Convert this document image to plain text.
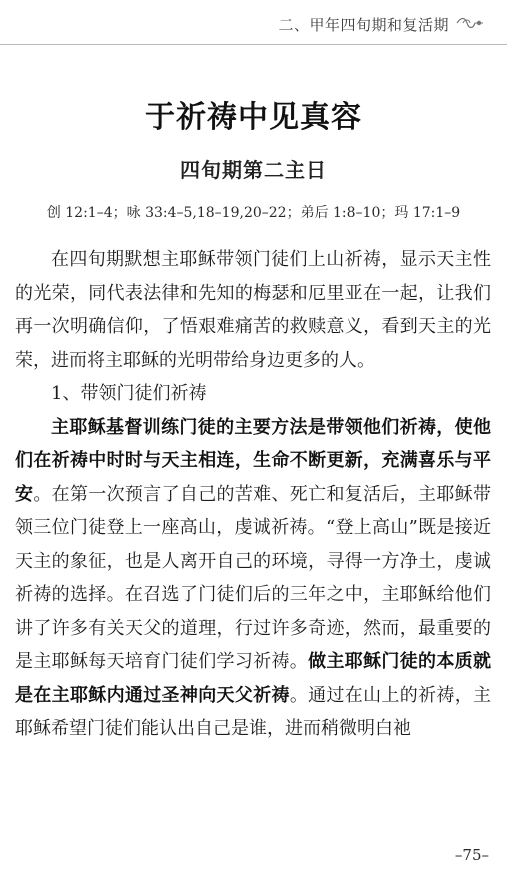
二、甲年四旬期和复活期
于祈祷中见真容
四旬期第二主日
创 12:1–4；咏 33:4–5,18–19,20–22；弟后 1:8–10；玛 17:1–9

在四旬期默想主耶稣带领门徒们上山祈祷，显示天主性的光荣，同代表法律和先知的梅瑟和厄里亚在一起，让我们再一次明确信仰，了悟艰难痛苦的救赎意义，看到天主的光荣，进而将主耶稣的光明带给身边更多的人。

1、带领门徒们祈祷

主耶稣基督训练门徒的主要方法是带领他们祈祷，使他们在祈祷中时时与天主相连，生命不断更新，充满喜乐与平安。在第一次预言了自己的苦难、死亡和复活后，主耶稣带领三位门徒登上一座高山，虔诚祈祷。“登上高山”既是接近天主的象征，也是人离开自己的环境，寻得一方净土，虔诚祈祷的选择。在召选了门徒们后的三年之中，主耶稣给他们讲了许多有关天父的道理，行过许多奇迹，然而，最重要的是主耶稣每天培育门徒们学习祈祷。做主耶稣门徒的本质就是在主耶稣内通过圣神向天父祈祷。通过在山上的祈祷，主耶稣希望门徒们能认出自己是谁，进而稍微明白祂

–75–
